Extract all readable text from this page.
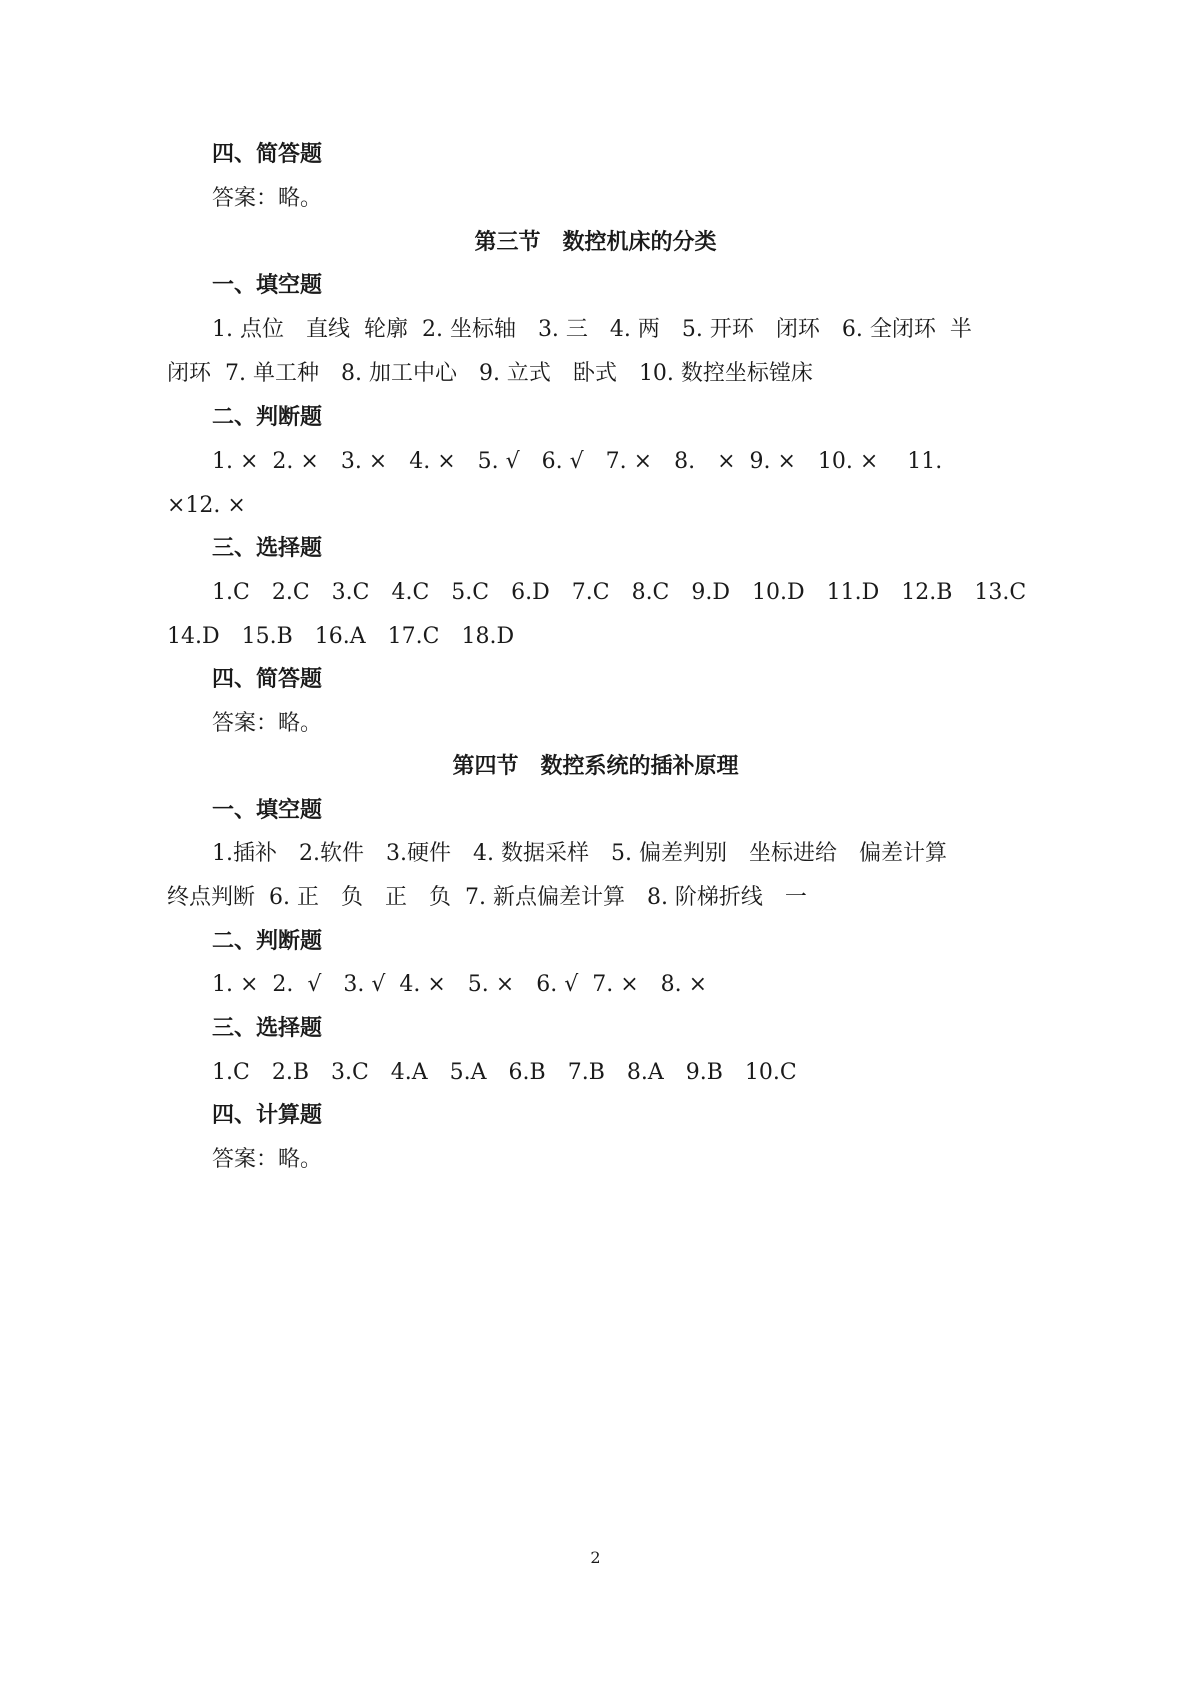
四、简答题
答案：略。
第三节　数控机床的分类
一、填空题
1. 点位　直线  轮廓  2. 坐标轴　3. 三　4. 两　5. 开环　闭环　6. 全闭环  半
闭环  7. 单工种　8. 加工中心　9. 立式　卧式　10. 数控坐标镗床
二、判断题
1. ×  2. ×　3. ×　4. ×　5. √　6. √　7. ×　8.　×  9. ×　10. ×　 11.
×12. ×
三、选择题
1.C　2.C　3.C　4.C　5.C　6.D　7.C　8.C　9.D　10.D　11.D　12.B　13.C
14.D　15.B　16.A　17.C　18.D
四、简答题
答案：略。
第四节　数控系统的插补原理
一、填空题
1.插补　2.软件　3.硬件　4. 数据采样　5. 偏差判别　坐标进给　偏差计算
终点判断  6. 正　负　正　负  7. 新点偏差计算　8. 阶梯折线　一
二、判断题
1. ×  2.  √　3. √  4. ×　5. ×　6. √  7. ×　8. ×
三、选择题
1.C　2.B　3.C　4.A　5.A　6.B　7.B　8.A　9.B　10.C
四、计算题
答案：略。
2
